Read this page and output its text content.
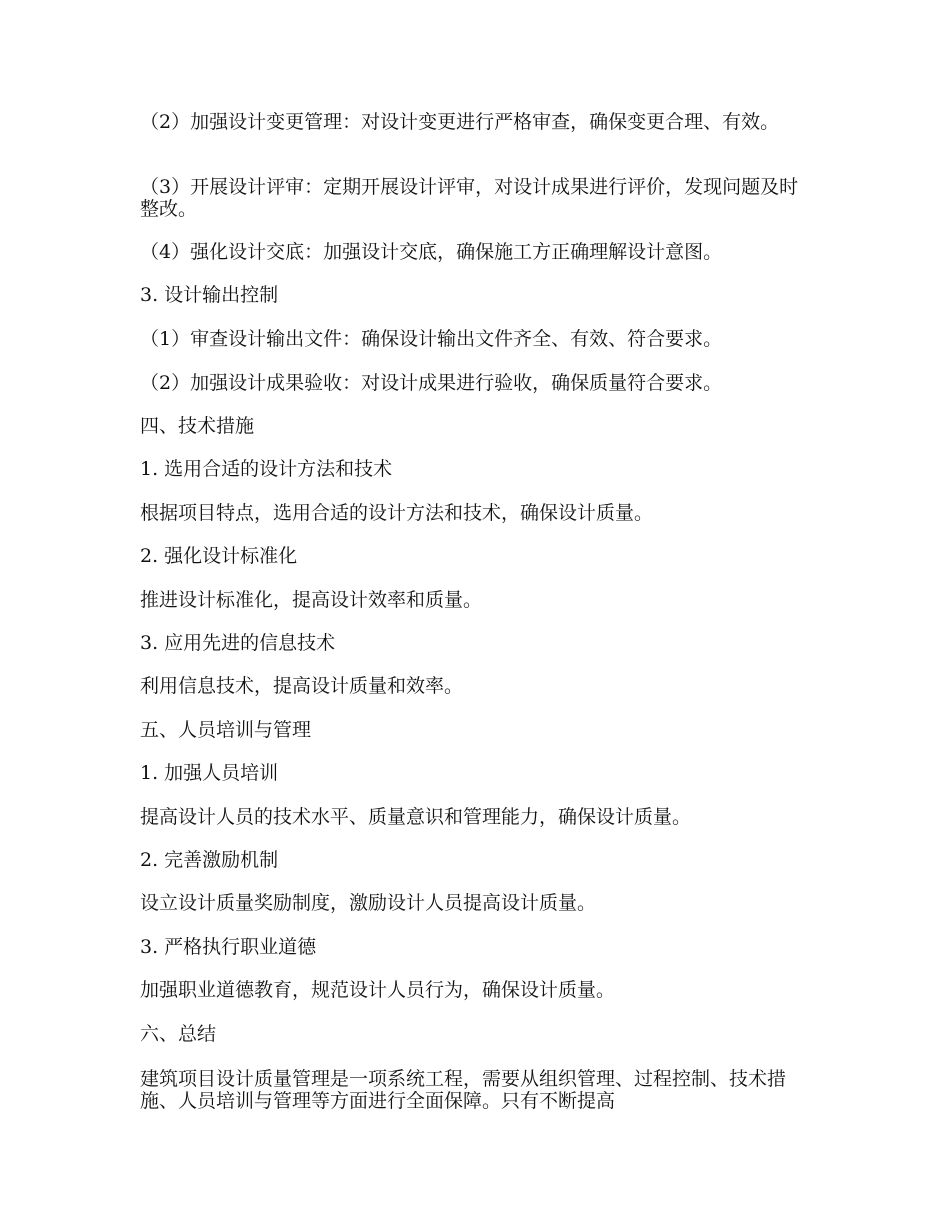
（2）加强设计变更管理：对设计变更进行严格审查，确保变更合理、有效。
（3）开展设计评审：定期开展设计评审，对设计成果进行评价，发现问题及时整改。
（4）强化设计交底：加强设计交底，确保施工方正确理解设计意图。
3. 设计输出控制
（1）审查设计输出文件：确保设计输出文件齐全、有效、符合要求。
（2）加强设计成果验收：对设计成果进行验收，确保质量符合要求。
四、技术措施
1. 选用合适的设计方法和技术
根据项目特点，选用合适的设计方法和技术，确保设计质量。
2. 强化设计标准化
推进设计标准化，提高设计效率和质量。
3. 应用先进的信息技术
利用信息技术，提高设计质量和效率。
五、人员培训与管理
1. 加强人员培训
提高设计人员的技术水平、质量意识和管理能力，确保设计质量。
2. 完善激励机制
设立设计质量奖励制度，激励设计人员提高设计质量。
3. 严格执行职业道德
加强职业道德教育，规范设计人员行为，确保设计质量。
六、总结
建筑项目设计质量管理是一项系统工程，需要从组织管理、过程控制、技术措施、人员培训与管理等方面进行全面保障。只有不断提高
